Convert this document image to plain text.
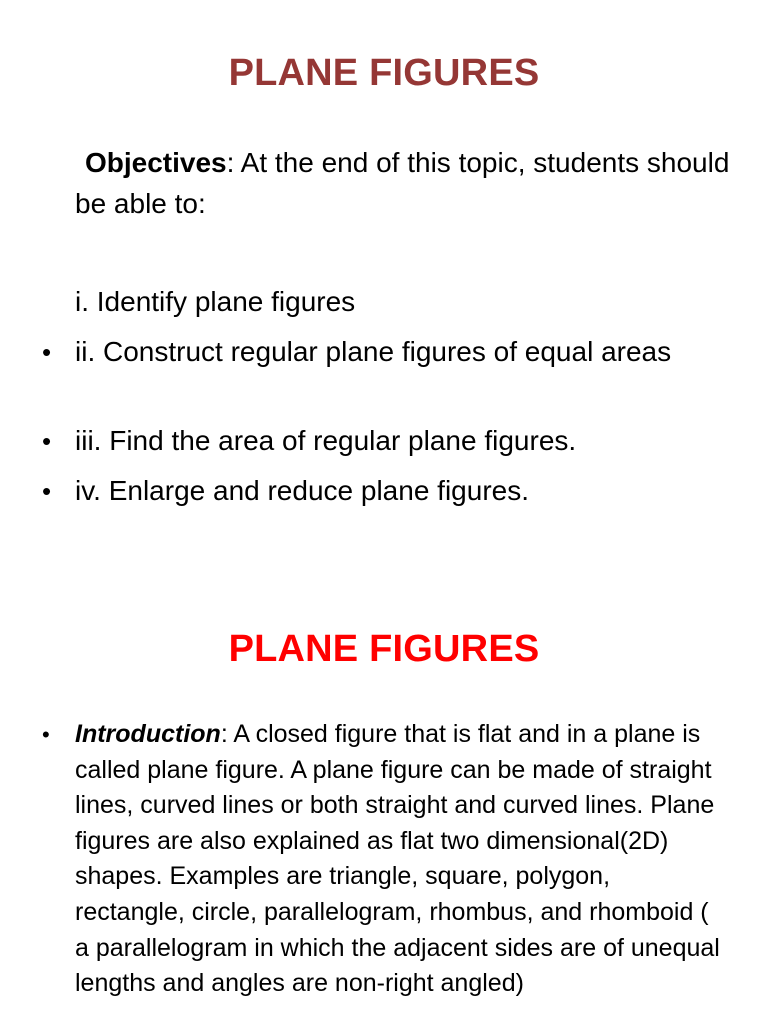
PLANE FIGURES
Objectives: At the end of this topic, students should be able to:
i. Identify plane figures
• ii. Construct regular plane figures of equal areas
• iii. Find the area of regular plane figures.
• iv. Enlarge and reduce plane figures.
PLANE FIGURES
• Introduction: A closed figure that is flat and in a plane is called plane figure. A plane figure can be made of straight lines, curved lines or both straight and curved lines. Plane figures are also explained as flat two dimensional(2D) shapes. Examples are triangle, square, polygon, rectangle, circle, parallelogram, rhombus, and rhomboid ( a parallelogram in which the adjacent sides are of unequal lengths and angles are non-right angled)
